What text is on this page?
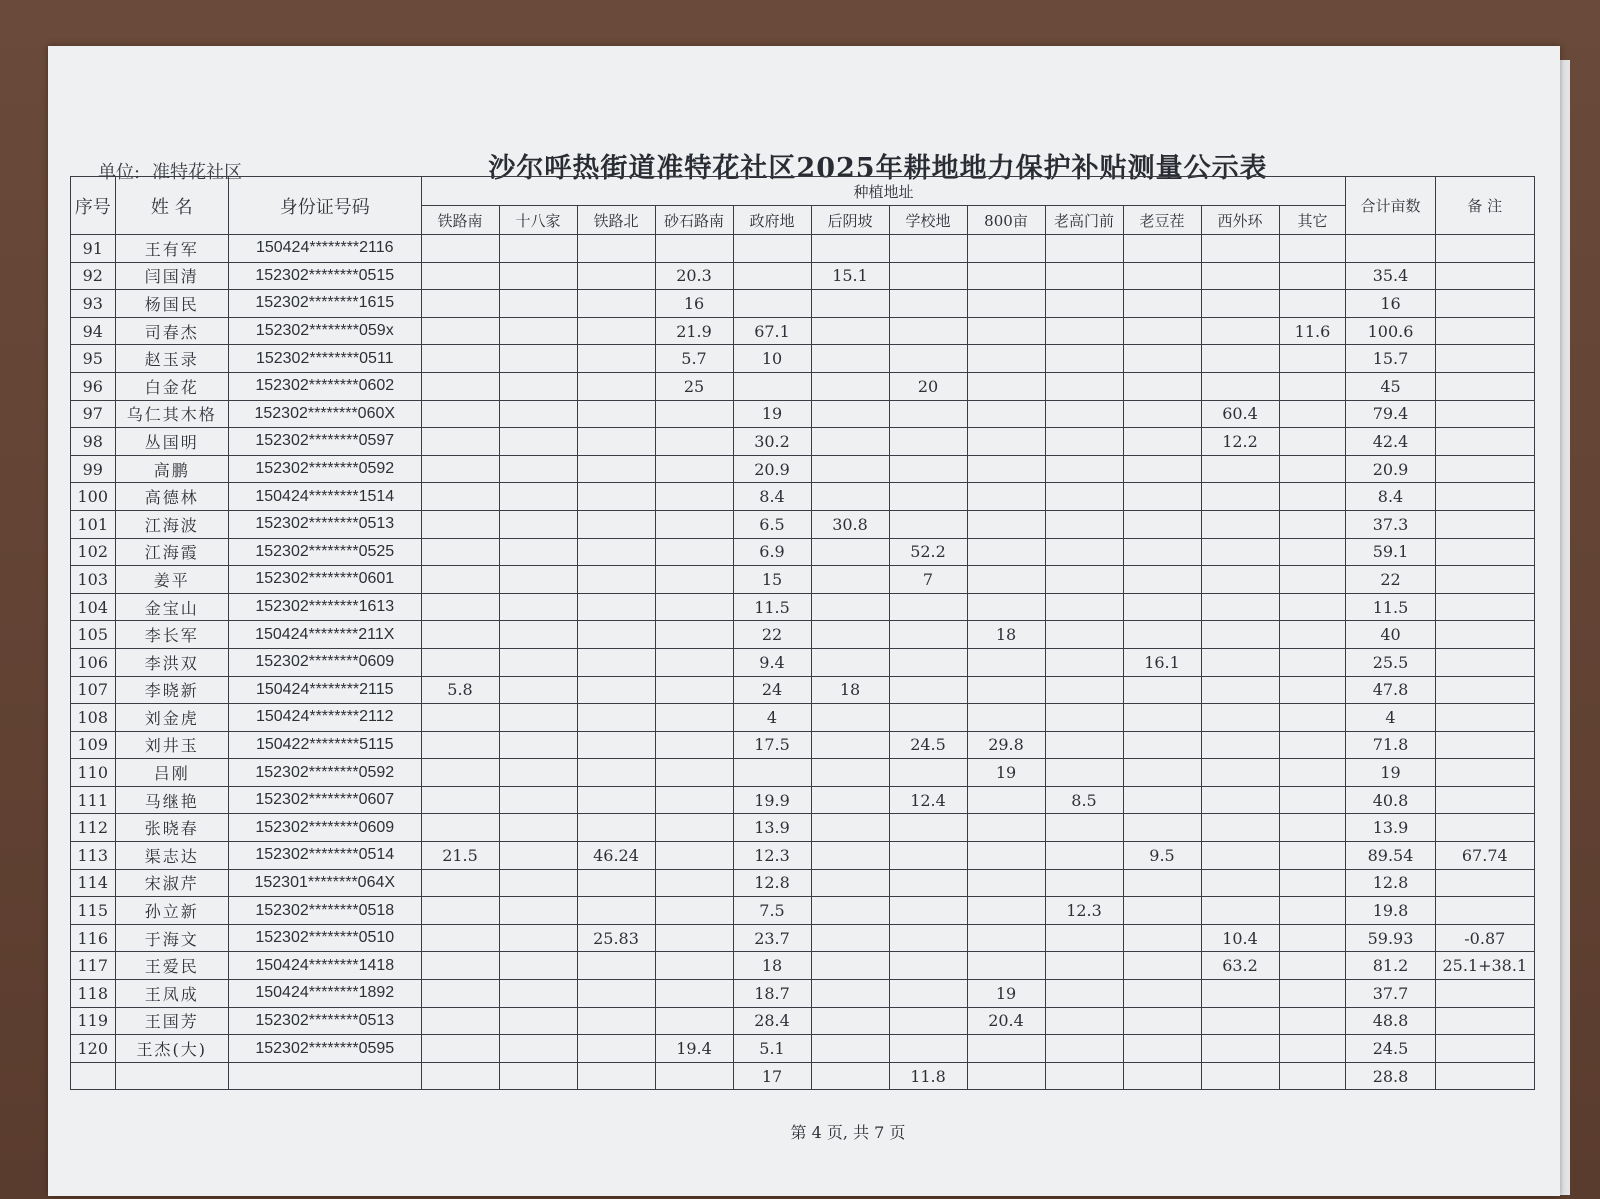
沙尔呼热街道准特花社区2025年耕地地力保护补贴测量公示表
单位: 准特花社区
序号	姓 名	身份证号码	种植地址												合计亩数	备 注
			铁路南	十八家	铁路北	砂石路南	政府地	后阴坡	学校地	800亩	老高门前	老豆茬	西外环	其它		
91	王有军	150424********2116														
92	闫国清	152302********0515				20.3		15.1							35.4	
93	杨国民	152302********1615				16									16	
94	司春杰	152302********059x				21.9	67.1							11.6	100.6	
95	赵玉录	152302********0511				5.7	10								15.7	
96	白金花	152302********0602				25			20						45	
97	乌仁其木格	152302********060X					19						60.4		79.4	
98	丛国明	152302********0597					30.2						12.2		42.4	
99	高鹏	152302********0592					20.9								20.9	
100	高德林	150424********1514					8.4								8.4	
101	江海波	152302********0513					6.5	30.8							37.3	
102	江海霞	152302********0525					6.9		52.2						59.1	
103	姜平	152302********0601					15		7						22	
104	金宝山	152302********1613					11.5								11.5	
105	李长军	150424********211X					22			18					40	
106	李洪双	152302********0609					9.4					16.1			25.5	
107	李晓新	150424********2115	5.8				24	18							47.8	
108	刘金虎	150424********2112					4								4	
109	刘井玉	150422********5115					17.5		24.5	29.8					71.8	
110	吕刚	152302********0592								19					19	
111	马继艳	152302********0607					19.9		12.4		8.5				40.8	
112	张晓春	152302********0609					13.9								13.9	
113	渠志达	152302********0514	21.5		46.24		12.3					9.5			89.54	67.74
114	宋淑芹	152301********064X					12.8								12.8	
115	孙立新	152302********0518					7.5				12.3				19.8	
116	于海文	152302********0510			25.83		23.7						10.4		59.93	-0.87
117	王爱民	150424********1418					18						63.2		81.2	25.1+38.1
118	王凤成	150424********1892					18.7			19					37.7	
119	王国芳	152302********0513					28.4			20.4					48.8	
120	王杰(大)	152302********0595				19.4	5.1								24.5	
							17		11.8						28.8	
第 4 页, 共 7 页
